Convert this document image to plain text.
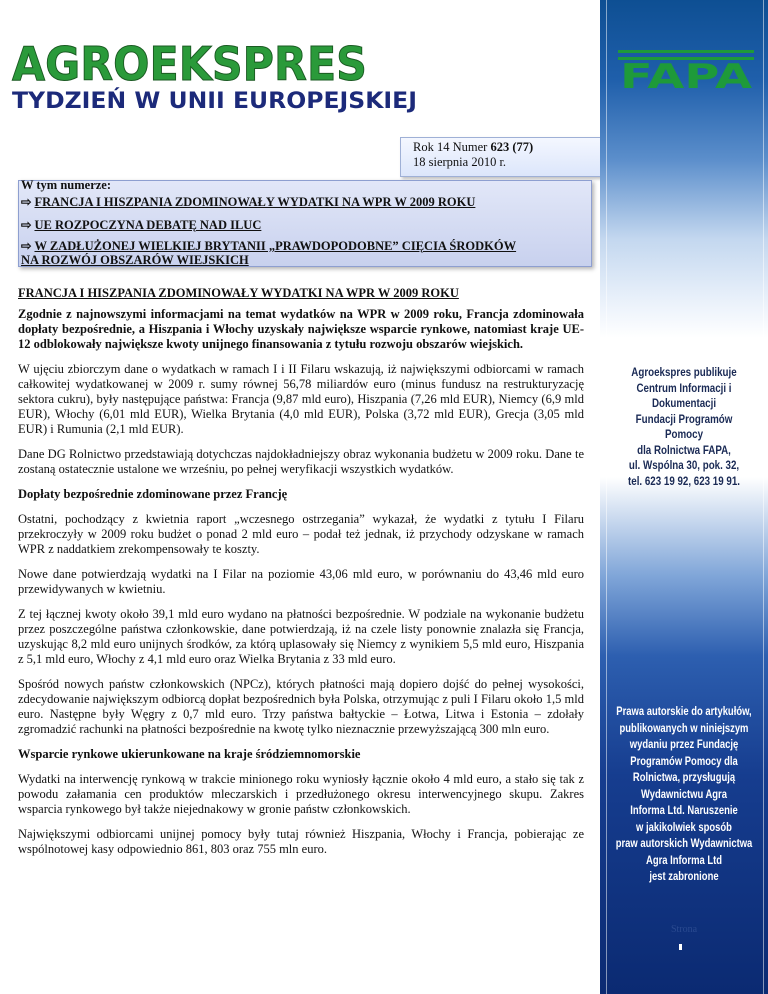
AGROEKSPRES
TYDZIEŃ W UNII EUROPEJSKIEJ
Rok 14 Numer 623 (77)
18 sierpnia 2010 r.
W tym numerze:
⇨ FRANCJA I HISZPANIA ZDOMINOWAŁY WYDATKI NA WPR W 2009 ROKU
⇨ UE ROZPOCZYNA DEBATĘ NAD ILUC
⇨ W ZADŁUŻONEJ WIELKIEJ BRYTANII „PRAWDOPODOBNE” CIĘCIA ŚRODKÓW
NA ROZWÓJ OBSZARÓW WIEJSKICH
FRANCJA I HISZPANIA ZDOMINOWAŁY WYDATKI NA WPR W 2009 ROKU
Zgodnie z najnowszymi informacjami na temat wydatków na WPR w 2009 roku, Francja zdominowała dopłaty bezpośrednie, a Hiszpania i Włochy uzyskały największe wsparcie rynkowe, natomiast kraje UE-12 odblokowały największe kwoty unijnego finansowania z tytułu rozwoju obszarów wiejskich.

W ujęciu zbiorczym dane o wydatkach w ramach I i II Filaru wskazują, iż największymi odbiorcami w ramach całkowitej wydatkowanej w 2009 r. sumy równej 56,78 miliardów euro (minus fundusz na restrukturyzację sektora cukru), były następujące państwa: Francja (9,87 mld euro), Hiszpania (7,26 mld EUR), Niemcy (6,9 mld EUR), Włochy (6,01 mld EUR), Wielka Brytania (4,0 mld EUR), Polska (3,72 mld EUR), Grecja (3,05 mld EUR) i Rumunia (2,1 mld EUR).

Dane DG Rolnictwo przedstawiają dotychczas najdokładniejszy obraz wykonania budżetu w 2009 roku. Dane te zostaną ostatecznie ustalone we wrześniu, po pełnej weryfikacji wszystkich wydatków.

Dopłaty bezpośrednie zdominowane przez Francję

Ostatni, pochodzący z kwietnia raport „wczesnego ostrzegania” wykazał, że wydatki z tytułu I Filaru przekroczyły w 2009 roku budżet o ponad 2 mld euro – podał też jednak, iż przychody odzyskane w ramach WPR z naddatkiem zrekompensowały te koszty.

Nowe dane potwierdzają wydatki na I Filar na poziomie 43,06 mld euro, w porównaniu do 43,46 mld euro przewidywanych w kwietniu.

Z tej łącznej kwoty około 39,1 mld euro wydano na płatności bezpośrednie. W podziale na wykonanie budżetu przez poszczególne państwa członkowskie, dane potwierdzają, iż na czele listy ponownie znalazła się Francja, uzyskując 8,2 mld euro unijnych środków, za którą uplasowały się Niemcy z wynikiem 5,5 mld euro, Hiszpania z 5,1 mld euro, Włochy z 4,1 mld euro oraz Wielka Brytania z 33 mld euro.

Spośród nowych państw członkowskich (NPCz), których płatności mają dopiero dojść do pełnej wysokości, zdecydowanie największym odbiorcą dopłat bezpośrednich była Polska, otrzymując z puli I Filaru około 1,5 mld euro. Następne były Węgry z 0,7 mld euro. Trzy państwa bałtyckie – Łotwa, Litwa i Estonia – zdołały zgromadzić rachunki na płatności bezpośrednie na kwotę tylko nieznacznie przewyższającą 300 mln euro.

Wsparcie rynkowe ukierunkowane na kraje śródziemnomorskie

Wydatki na interwencję rynkową w trakcie minionego roku wyniosły łącznie około 4 mld euro, a stało się tak z powodu załamania cen produktów mleczarskich i przedłużonego okresu interwencyjnego skupu. Zakres wsparcia rynkowego był także niejednakowy w gronie państw członkowskich.

Największymi odbiorcami unijnej pomocy były tutaj również Hiszpania, Włochy i Francja, pobierając ze wspólnotowej kasy odpowiednio 861, 803 oraz 755 mln euro.

FAPA
Agroekspres publikuje
Centrum Informacji i Dokumentacji
Fundacji Programów Pomocy
dla Rolnictwa FAPA,
ul. Wspólna 30, pok. 32,
tel. 623 19 92, 623 19 91.
Prawa autorskie do artykułów,
publikowanych w niniejszym
wydaniu przez Fundację
Programów Pomocy dla
Rolnictwa, przysługują
Wydawnictwu Agra
Informa Ltd. Naruszenie
w jakikolwiek sposób
praw autorskich Wydawnictwa
Agra Informa Ltd
jest zabronione
Strona
